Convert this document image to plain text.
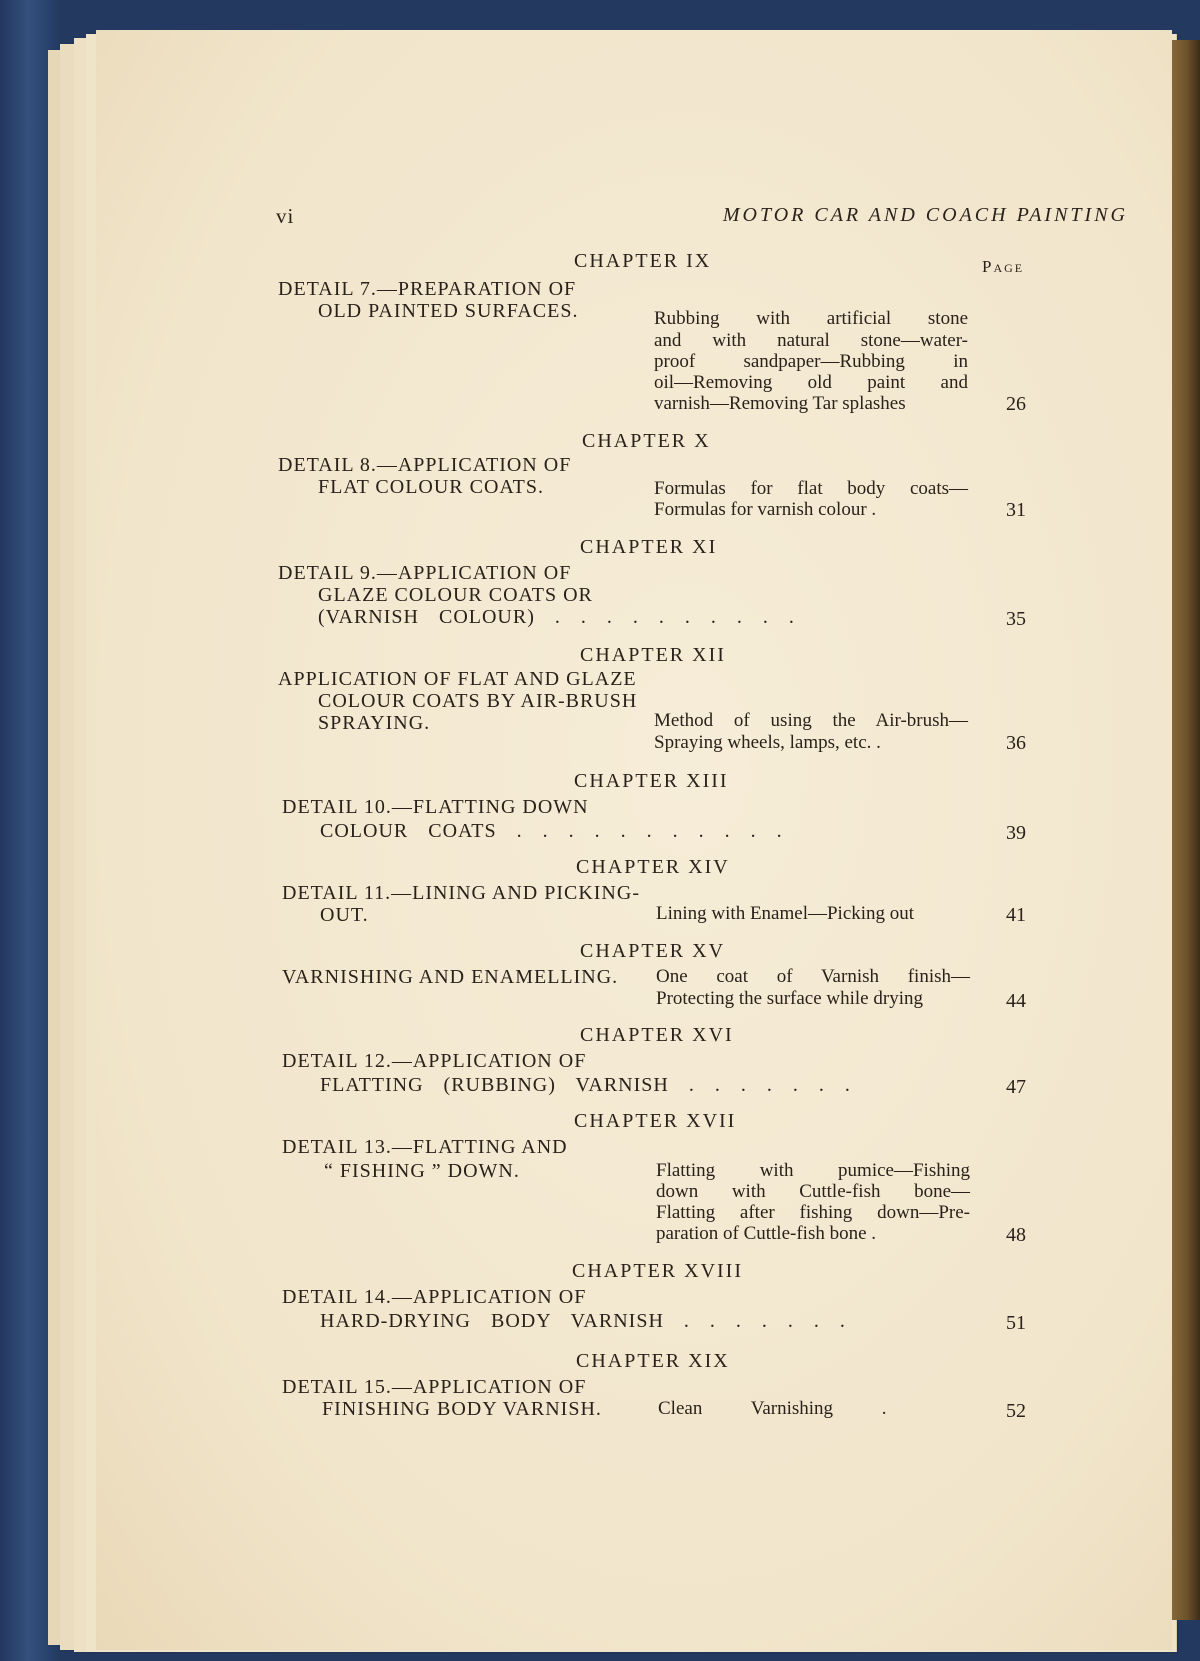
vi	MOTOR CAR AND COACH PAINTING
Page
CHAPTER IX
DETAIL 7.—PREPARATION OF
OLD PAINTED SURFACES.	Rubbing with artificial stone
and with natural stone—water-
proof sandpaper—Rubbing in
oil—Removing old paint and
varnish—Removing Tar splashes	26
CHAPTER X
DETAIL 8.—APPLICATION OF
FLAT COLOUR COATS.	Formulas for flat body coats—
Formulas for varnish colour .	31
CHAPTER XI
DETAIL 9.—APPLICATION OF
GLAZE COLOUR COATS OR
(VARNISH COLOUR) . . . . . . . . . .	35
CHAPTER XII
APPLICATION OF FLAT AND GLAZE
COLOUR COATS BY AIR-BRUSH
SPRAYING.	Method of using the Air-brush—
Spraying wheels, lamps, etc. .	36
CHAPTER XIII
DETAIL 10.—FLATTING DOWN
COLOUR COATS . . . . . . . . . . .	39
CHAPTER XIV
DETAIL 11.—LINING AND PICKING-
OUT.	Lining with Enamel—Picking out	41
CHAPTER XV
VARNISHING AND ENAMELLING. One coat of Varnish finish—
Protecting the surface while drying	44
CHAPTER XVI
DETAIL 12.—APPLICATION OF
FLATTING (RUBBING) VARNISH . . . . . . .	47
CHAPTER XVII
DETAIL 13.—FLATTING AND
“ FISHING ” DOWN.	Flatting with pumice—Fishing
down with Cuttle-fish bone—
Flatting after fishing down—Pre-
paration of Cuttle-fish bone .	48
CHAPTER XVIII
DETAIL 14.—APPLICATION OF
HARD-DRYING BODY VARNISH . . . . . . .	51
CHAPTER XIX
DETAIL 15.—APPLICATION OF
FINISHING BODY VARNISH.	Clean Varnishing .	52
